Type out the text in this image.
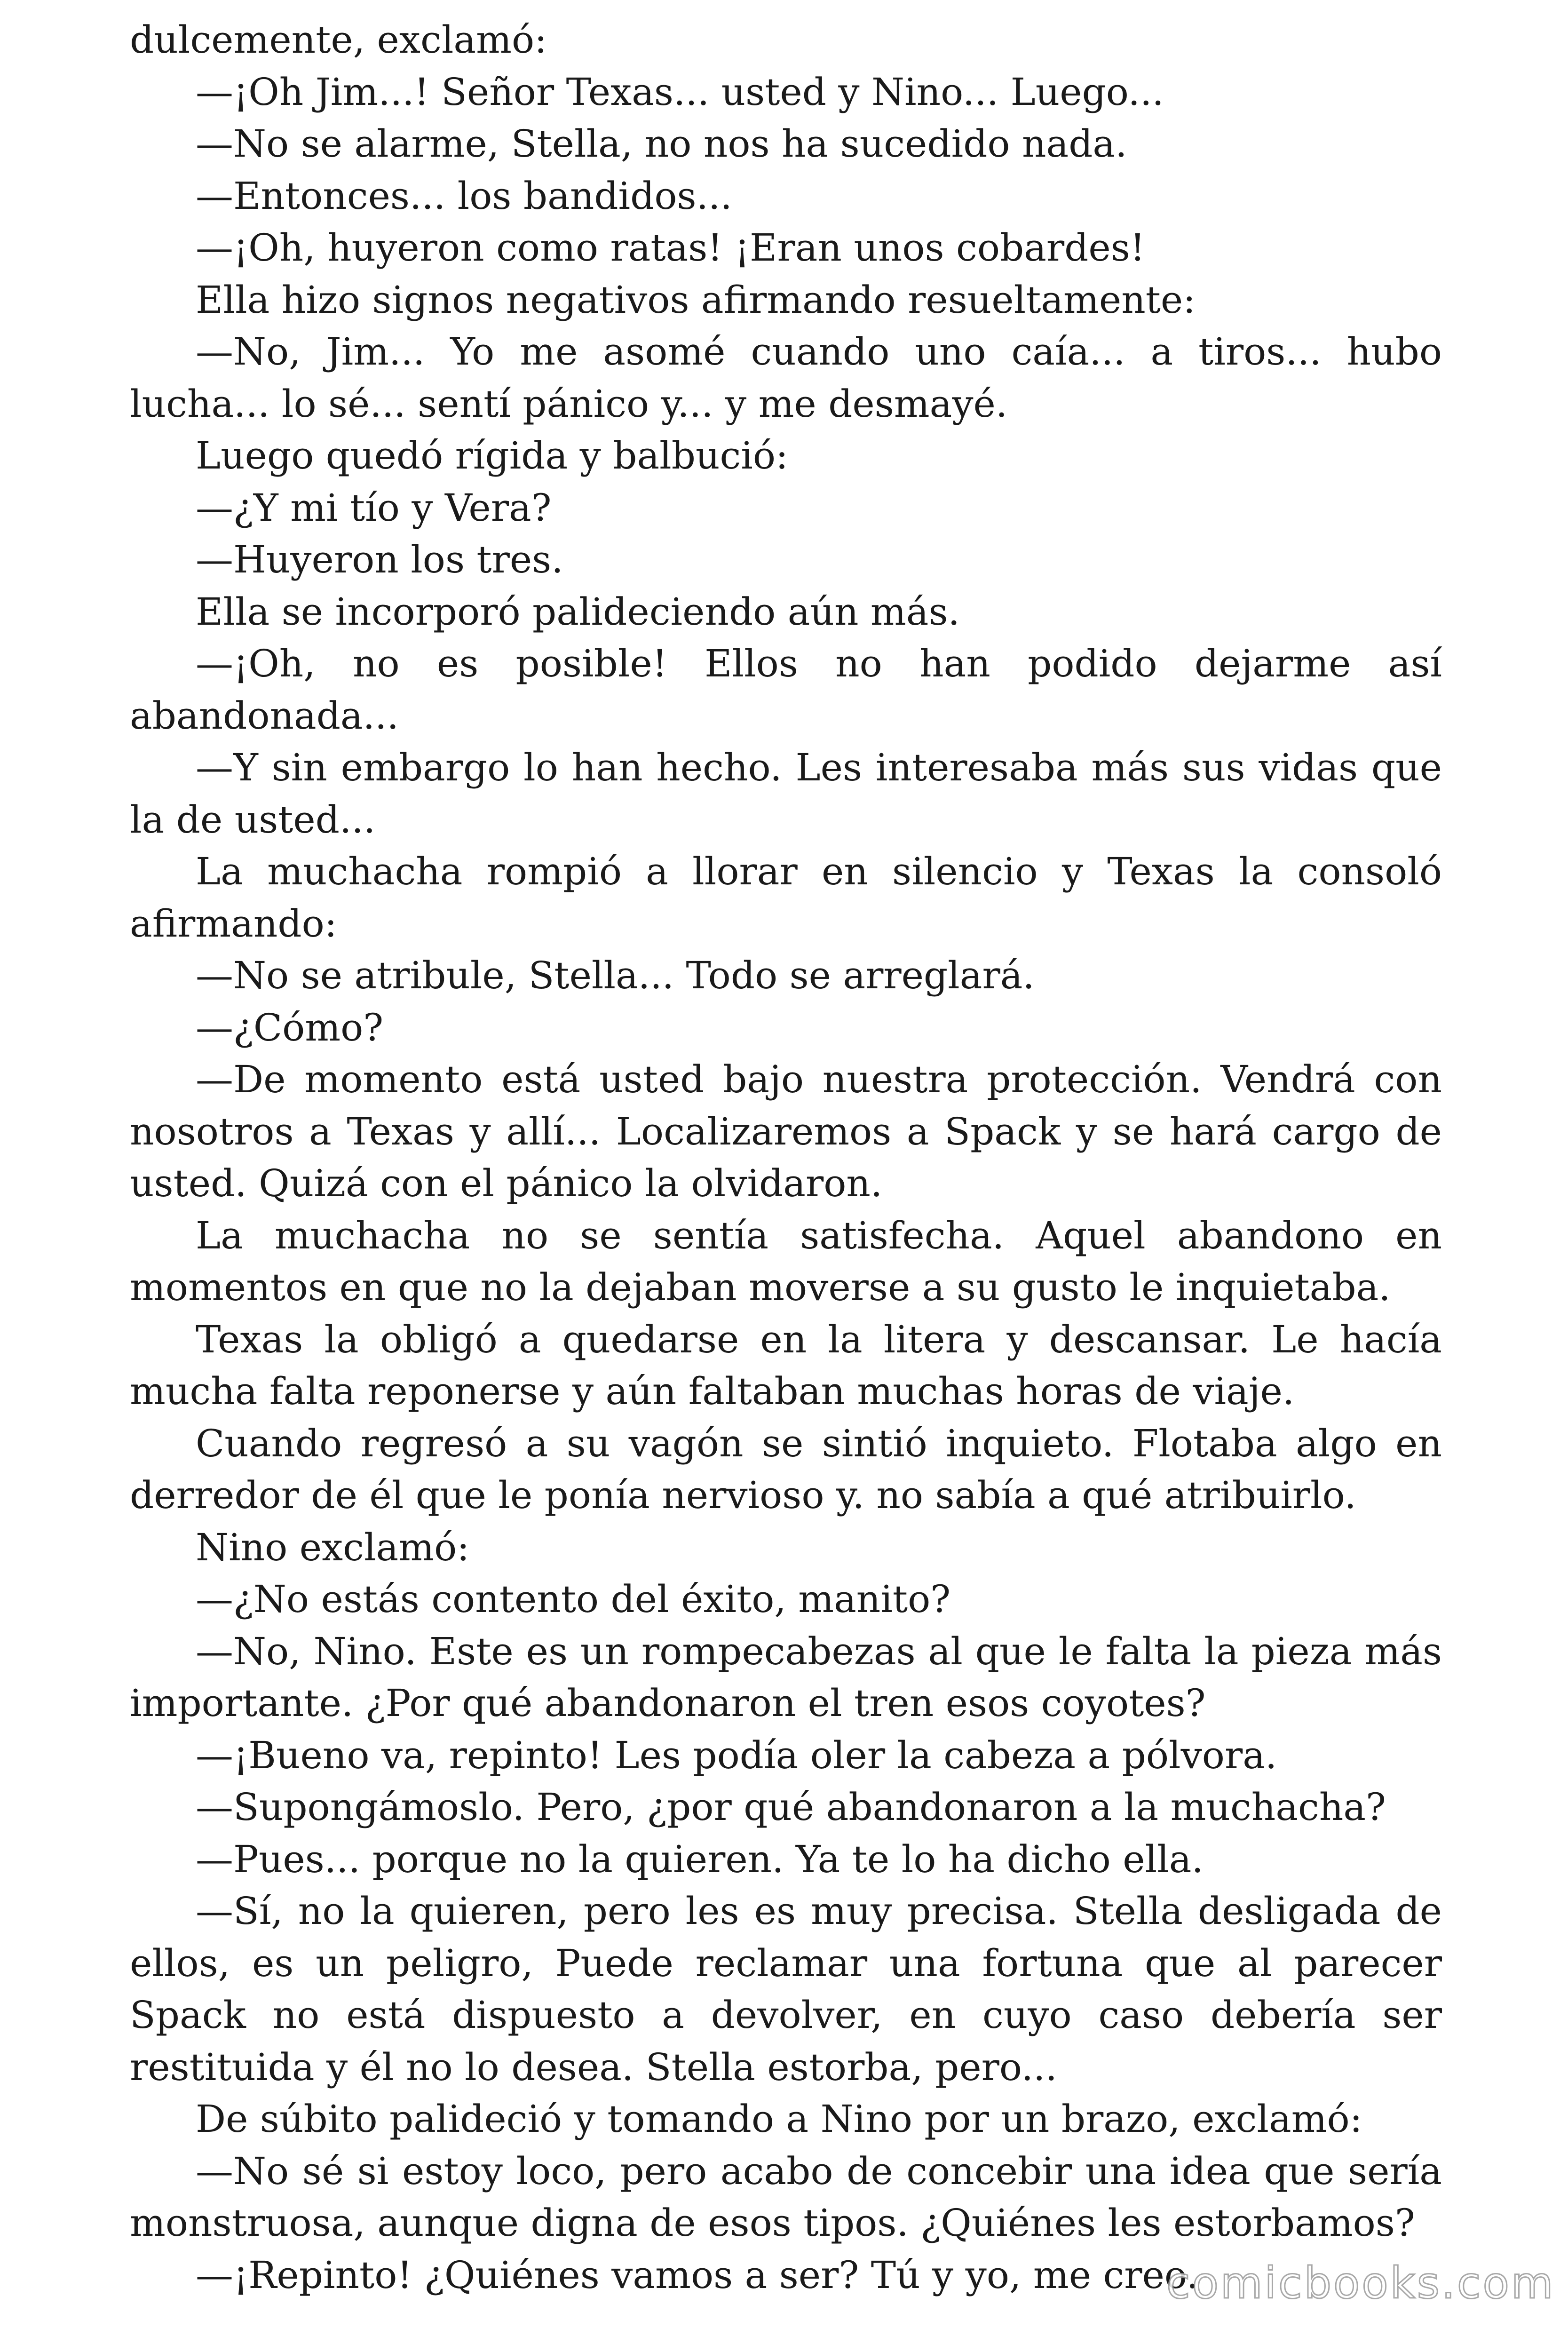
dulcemente, exclamó:

—¡Oh Jim...! Señor Texas... usted y Nino... Luego...

—No se alarme, Stella, no nos ha sucedido nada.

—Entonces... los bandidos...

—¡Oh, huyeron como ratas! ¡Eran unos cobardes!

Ella hizo signos negativos afirmando resueltamente:

—No, Jim... Yo me asomé cuando uno caía... a tiros... hubo lucha... lo sé... sentí pánico y... y me desmayé.

Luego quedó rígida y balbució:

—¿Y mi tío y Vera?

—Huyeron los tres.

Ella se incorporó palideciendo aún más.

—¡Oh, no es posible! Ellos no han podido dejarme así abandonada...

—Y sin embargo lo han hecho. Les interesaba más sus vidas que la de usted...

La muchacha rompió a llorar en silencio y Texas la consoló afirmando:

—No se atribule, Stella... Todo se arreglará.

—¿Cómo?

—De momento está usted bajo nuestra protección. Vendrá con nosotros a Texas y allí... Localizaremos a Spack y se hará cargo de usted. Quizá con el pánico la olvidaron.

La muchacha no se sentía satisfecha. Aquel abandono en momentos en que no la dejaban moverse a su gusto le inquietaba.

Texas la obligó a quedarse en la litera y descansar. Le hacía mucha falta reponerse y aún faltaban muchas horas de viaje.

Cuando regresó a su vagón se sintió inquieto. Flotaba algo en derredor de él que le ponía nervioso y. no sabía a qué atribuirlo.

Nino exclamó:

—¿No estás contento del éxito, manito?

—No, Nino. Este es un rompecabezas al que le falta la pieza más importante. ¿Por qué abandonaron el tren esos coyotes?

—¡Bueno va, repinto! Les podía oler la cabeza a pólvora.

—Supongámoslo. Pero, ¿por qué abandonaron a la muchacha?

—Pues... porque no la quieren. Ya te lo ha dicho ella.

—Sí, no la quieren, pero les es muy precisa. Stella desligada de ellos, es un peligro, Puede reclamar una fortuna que al parecer Spack no está dispuesto a devolver, en cuyo caso debería ser restituida y él no lo desea. Stella estorba, pero...

De súbito palideció y tomando a Nino por un brazo, exclamó:

—No sé si estoy loco, pero acabo de concebir una idea que sería monstruosa, aunque digna de esos tipos. ¿Quiénes les estorbamos?

—¡Repinto! ¿Quiénes vamos a ser? Tú y yo, me creo.

comicbooks.com
